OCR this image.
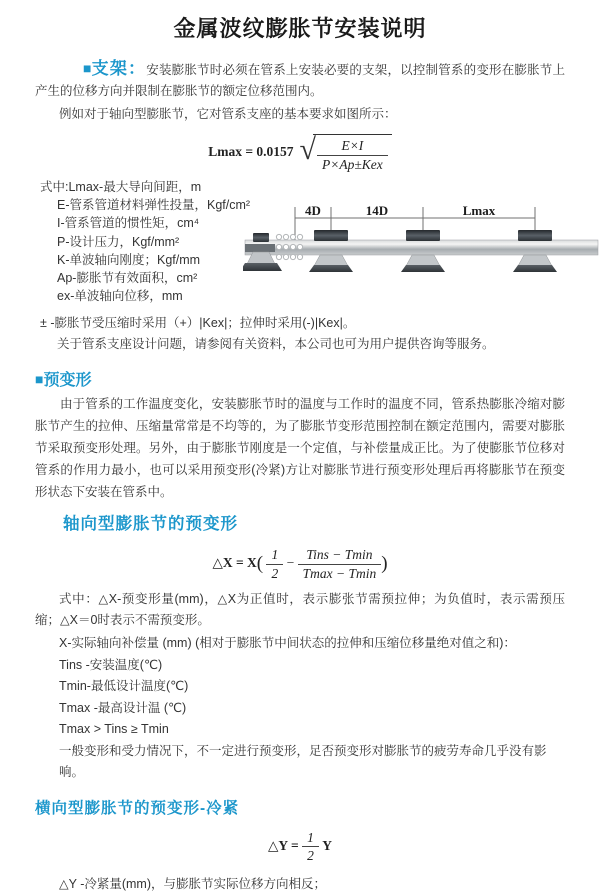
金属波纹膨胀节安装说明

■支架：安装膨胀节时必须在管系上安装必要的支架，以控制管系的变形在膨胀节上产生的位移方向并限制在膨胀节的额定位移范围内。

例如对于轴向型膨胀节，它对管系支座的基本要求如图所示：

Lmax = 0.0157 √ $\frac{E\times I}{\text{P×Ap±Kex}}$
式中:Lmax-最大导向间距，m
E-管系管道材料弹性投量，Kgf/cm²
I-管系管道的惯性矩，cm⁴
P-设计压力，Kgf/mm²
K-单波轴向刚度；Kgf/mm
Ap-膨胀节有效面积，cm²
ex-单波轴向位移，mm
4D	14D	Lmax

± -膨胀节受压缩时采用（+）|Kex|；拉伸时采用(-)|Kex|。

关于管系支座设计问题，请参阅有关资料，本公司也可为用户提供咨询等服务。

■预变形

由于管系的工作温度变化，安装膨胀节时的温度与工作时的温度不同，管系热膨胀冷缩对膨胀节产生的拉伸、压缩量常常是不均等的，为了膨胀节变形范围控制在额定范围内，需要对膨胀节采取预变形处理。另外，由于膨胀节刚度是一个定值，与补偿量成正比。为了使膨胀节位移对管系的作用力最小，也可以采用预变形(冷紧)方让对膨胀节进行预变形处理后再将膨胀节在预变形状态下安装在管系中。

轴向型膨胀节的预变形
△X = $X( \frac{1}{2} - \frac{\text{Tins − Tmin}}{Tmax - Tmin}$ )

式中：△X-预变形量(mm)，△X为正值时，表示膨张节需预拉伸；为负值时，表示需预压缩；△X＝0时表示不需预变形。

X-实际轴向补偿量 (mm) (相对于膨胀节中间状态的拉伸和压缩位移量绝对值之和)：
Tins -安装温度(℃)
Tmin-最低设计温度(℃)
Tmax -最高设计温 (℃)
Tmax > Tins ≥ Tmin
一般变形和受力情况下，不一定进行预变形，足否预变形对膨胀节的疲劳寿命几乎没有影响。
横向型膨胀节的预变形-冷紧
△Y = $\frac{1}{2}$ Y

△Y -冷紧量(mm)，与膨胀节实际位移方向相反；
